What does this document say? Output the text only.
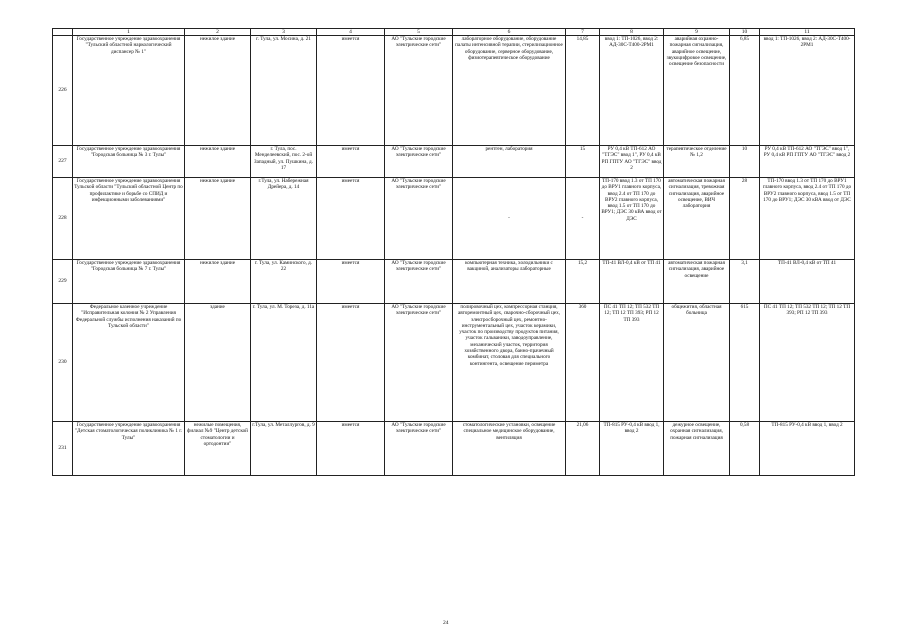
	1	2	3	4	5	6	7	8	9	10	11
226	Государственное учреждение здравоохранения "Тульский областной наркологический диспансер № 1"	нежилое здание	г. Тула, ул. Мосина, д. 21	имеется	АО "Тульские городские электрические сети"	лабораторное оборудование, оборудование палаты интенсивной терапии, стерилизационное оборудование, серверное оборудование, физиотерапевтическое оборудование	14,85	ввод 1: ТП-1026, ввод 2: АД-30С-Т400-2РМ1	аварийная охранно-пожарная сигнализация, аварийное освещение, звукоцифровое освещение, освещение безопасности	6,85	ввод 1: ТП-1026, ввод 2: АД-30С-Т400-2РМ1
227	Государственное учреждение здравоохранения "Городская больница № 3 г. Тулы"	нежилое здание	г. Тула, пос. Менделеевский, пос. 2-ой Западный, ул. Пушкина, д. 17	имеется	АО "Тульские городские электрические сети"	рентген, лаборатория	15	РУ 0,4 кВ ТП-612 АО "ТГЭС" ввод 1", РУ 0,4 кВ РП ГПТУ АО "ТГЭС" ввод 2	терапевтическое отделение № 1,2	10	РУ 0,4 кВ ТП-612 АО "ТГЭС" ввод 1", РУ 0,4 кВ РП ГПТУ АО "ТГЭС" ввод 2
228	Государственное учреждение здравоохранения Тульской области "Тульский областной Центр по профилактике и борьбе со СПИД и инфекционными заболеваниями"	нежилое здание	г.Тула, ул. Набережная Дрейера, д. 14	имеется	АО "Тульские городские электрические сети"	-	-	ТП-170 ввод 1.3 от ТП 170 до ВРУ1 главного корпуса, ввод 2.4 от ТП 170 до ВРУ2 главного корпуса, ввод 1.5 от ТП 170 до ВРУ1; ДЭС 30 кВА ввод от ДЭС	автоматическая пожарная сигнализация, тревожная сигнализация, аварийное освещение, ВИЧ лаборатория	28	ТП-170 ввод 1.3 от ТП 170 до ВРУ1 главного корпуса, ввод 2.4 от ТП 170 до ВРУ2 главного корпуса, ввод 1.5 от ТП 170 до ВРУ1; ДЭС 30 кВА ввод от ДЭС
229	Государственное учреждение здравоохранения "Городская больница № 7 г. Тулы"	нежилое здание	г. Тула, ул. Каминского, д. 22	имеется	АО "Тульские городские электрические сети"	компьютерная техника, холодильники с вакциной, анализаторы лабораторные	15,2	ТП-41 ВЛ-0,4 кВ от ТП 41	автоматическая пожарная сигнализация, аварийное освещение	3,1	ТП-41 ВЛ-0,4 кВ от ТП 41
230	Федеральное казенное учреждение "Исправительная колония № 2 Управления Федеральной службы исполнения наказаний по Тульской области"	здание	г. Тула, ул. М. Тореза, д. 11а	имеется	АО "Тульские городские электрические сети"	полировочный цех, компрессорная станция, авторемонтный цех, сварочно-сборочный цех, электросборочный цех, ремонтно-инструментальный цех, участок керамики, участок по производству продуктов питания, участок гальваники, заводоуправление, механический участок, территория хозяйственного двора, банно-прачечный комбинат, столовая для специального контингента, освещение периметра	360	ПС 41 ТП 12; ТП 532 ТП 12; ТП 12 ТП 393; РП 12 ТП 393	общежития, областная больница	615	ПС 41 ТП 12; ТП 532 ТП 12; ТП 12 ТП 393; РП 12 ТП 393
231	Государственное учреждение здравоохранения "Детская стоматологическая поликлиника № 1 г. Тулы"	нежилые помещения, филиал №9 "Центр детской стоматологии и ортодонтии"	г.Тула, ул. Металлургов, д. 9	имеется	АО "Тульские городские электрические сети"	стоматологические установки, освещение специальное медицинское оборудование, вентиляция	21,06	ТП-815 РУ-0,4 кВ ввод 1, ввод 2	дежурное освещение, охранная сигнализация, пожарная сигнализация	0,58	ТП-815 РУ-0,4 кВ ввод 1, ввод 2
24
